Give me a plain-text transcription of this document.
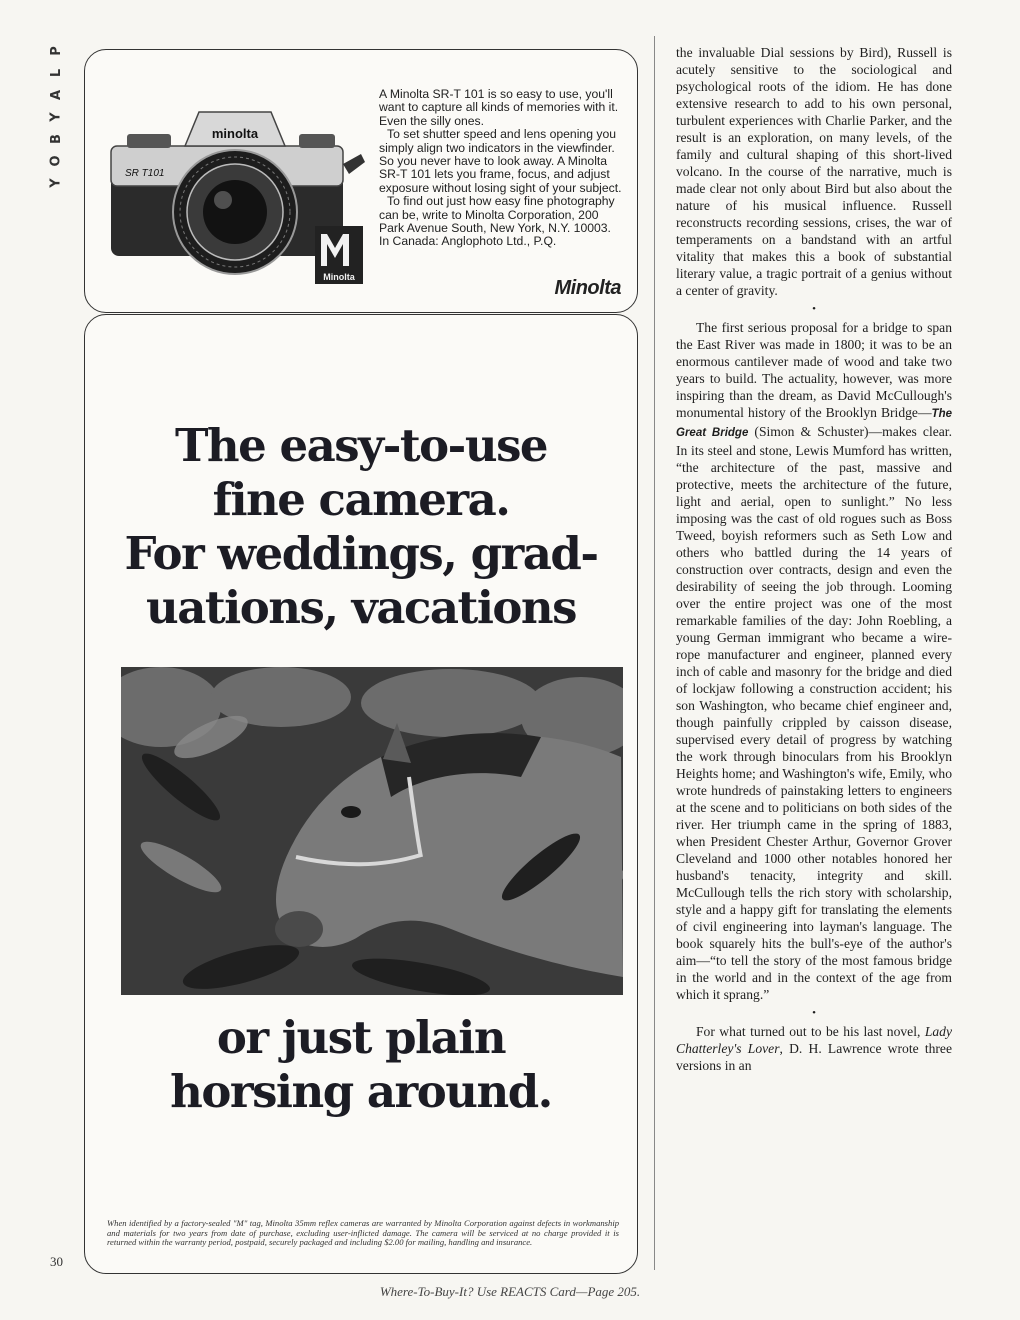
P
L
A
Y
B
O
Y
30
minolta
SR T101
Minolta

A Minolta SR-T 101 is so easy to use, you'll want to capture all kinds of memories with it. Even the silly ones.

To set shutter speed and lens opening you simply align two indicators in the viewfinder. So you never have to look away. A Minolta SR-T 101 lets you frame, focus, and adjust exposure without losing sight of your subject.

To find out just how easy fine photography can be, write to Minolta Corporation, 200 Park Avenue South, New York, N.Y. 10003. In Canada: Anglophoto Ltd., P.Q.

Minolta
The easy-to-use
fine camera.
For weddings, grad-
uations, vacations
or just plain
horsing around.
When identified by a factory-sealed "M" tag, Minolta 35mm reflex cameras are warranted by Minolta Corporation against defects in workmanship and materials for two years from date of purchase, excluding user-inflicted damage. The camera will be serviced at no charge provided it is returned within the warranty period, postpaid, securely packaged and including $2.00 for mailing, handling and insurance.

the invaluable Dial sessions by Bird), Russell is acutely sensitive to the sociological and psychological roots of the idiom. He has done extensive research to add to his own personal, turbulent experiences with Charlie Parker, and the result is an exploration, on many levels, of the family and cultural shaping of this short-lived volcano. In the course of the narrative, much is made clear not only about Bird but also about the nature of his musical influence. Russell reconstructs recording sessions, crises, the war of temperaments on a bandstand with an artful vitality that makes this a book of substantial literary value, a tragic portrait of a genius without a center of gravity.

•

The first serious proposal for a bridge to span the East River was made in 1800; it was to be an enormous cantilever made of wood and take two years to build. The actuality, however, was more inspiring than the dream, as David McCullough's monumental history of the Brooklyn Bridge—The Great Bridge (Simon & Schuster)—makes clear. In its steel and stone, Lewis Mumford has written, “the architecture of the past, massive and protective, meets the architecture of the future, light and aerial, open to sunlight.” No less imposing was the cast of old rogues such as Boss Tweed, boyish reformers such as Seth Low and others who battled during the 14 years of construction over contracts, design and even the desirability of seeing the job through. Looming over the entire project was one of the most remarkable families of the day: John Roebling, a young German immigrant who became a wire-rope manufacturer and engineer, planned every inch of cable and masonry for the bridge and died of lockjaw following a construction accident; his son Washington, who became chief engineer and, though painfully crippled by caisson disease, supervised every detail of progress by watching the work through binoculars from his Brooklyn Heights home; and Washington's wife, Emily, who wrote hundreds of painstaking letters to engineers at the scene and to politicians on both sides of the river. Her triumph came in the spring of 1883, when President Chester Arthur, Governor Grover Cleveland and 1000 other notables honored her husband's tenacity, integrity and skill. McCullough tells the rich story with scholarship, style and a happy gift for translating the elements of civil engineering into layman's language. The book squarely hits the bull's-eye of the author's aim—“to tell the story of the most famous bridge in the world and in the context of the age from which it sprang.”

•

For what turned out to be his last novel, Lady Chatterley's Lover, D. H. Lawrence wrote three versions in an

Where-To-Buy-It? Use REACTS Card—Page 205.
